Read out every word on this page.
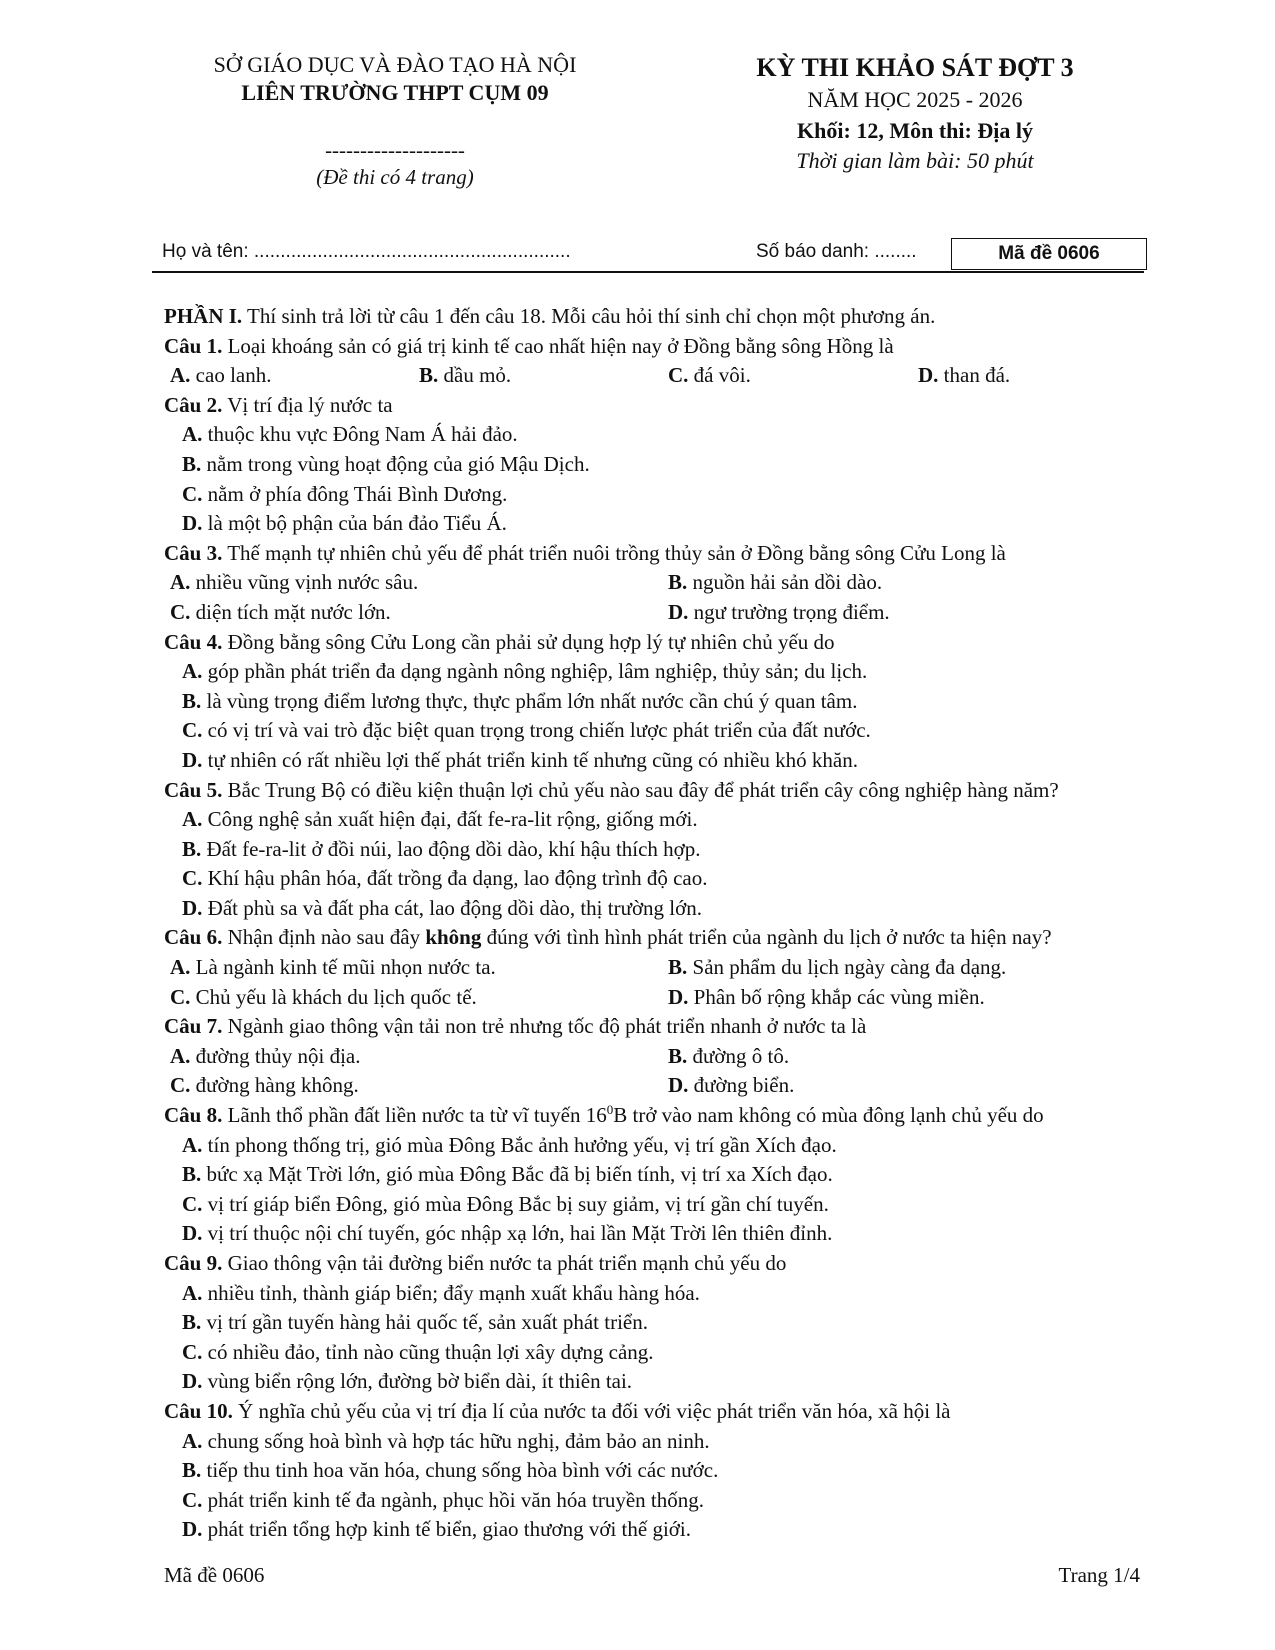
SỞ GIÁO DỤC VÀ ĐÀO TẠO HÀ NỘI
LIÊN TRƯỜNG THPT CỤM 09
--------------------
(Đề thi có 4 trang)
KỲ THI KHẢO SÁT ĐỢT 3
NĂM HỌC 2025 - 2026
Khối: 12, Môn thi: Địa lý
Thời gian làm bài: 50 phút
Họ và tên: ............................................................	Số báo danh: ........	Mã đề 0606
PHẦN I. Thí sinh trả lời từ câu 1 đến câu 18. Mỗi câu hỏi thí sinh chỉ chọn một phương án.
Câu 1. Loại khoáng sản có giá trị kinh tế cao nhất hiện nay ở Đồng bằng sông Hồng là
A. cao lanh.	B. dầu mỏ.	C. đá vôi.	D. than đá.
Câu 2. Vị trí địa lý nước ta
A. thuộc khu vực Đông Nam Á hải đảo.
B. nằm trong vùng hoạt động của gió Mậu Dịch.
C. nằm ở phía đông Thái Bình Dương.
D. là một bộ phận của bán đảo Tiểu Á.
Câu 3. Thế mạnh tự nhiên chủ yếu để phát triển nuôi trồng thủy sản ở Đồng bằng sông Cửu Long là
A. nhiều vũng vịnh nước sâu.	B. nguồn hải sản dồi dào.
C. diện tích mặt nước lớn.	D. ngư trường trọng điểm.
Câu 4. Đồng bằng sông Cửu Long cần phải sử dụng hợp lý tự nhiên chủ yếu do
A. góp phần phát triển đa dạng ngành nông nghiệp, lâm nghiệp, thủy sản; du lịch.
B. là vùng trọng điểm lương thực, thực phẩm lớn nhất nước cần chú ý quan tâm.
C. có vị trí và vai trò đặc biệt quan trọng trong chiến lược phát triển của đất nước.
D. tự nhiên có rất nhiều lợi thế phát triển kinh tế nhưng cũng có nhiều khó khăn.
Câu 5. Bắc Trung Bộ có điều kiện thuận lợi chủ yếu nào sau đây để phát triển cây công nghiệp hàng năm?
A. Công nghệ sản xuất hiện đại, đất fe-ra-lit rộng, giống mới.
B. Đất fe-ra-lit ở đồi núi, lao động dồi dào, khí hậu thích hợp.
C. Khí hậu phân hóa, đất trồng đa dạng, lao động trình độ cao.
D. Đất phù sa và đất pha cát, lao động dồi dào, thị trường lớn.
Câu 6. Nhận định nào sau đây không đúng với tình hình phát triển của ngành du lịch ở nước ta hiện nay?
A. Là ngành kinh tế mũi nhọn nước ta.	B. Sản phẩm du lịch ngày càng đa dạng.
C. Chủ yếu là khách du lịch quốc tế.	D. Phân bố rộng khắp các vùng miền.
Câu 7. Ngành giao thông vận tải non trẻ nhưng tốc độ phát triển nhanh ở nước ta là
A. đường thủy nội địa.	B. đường ô tô.
C. đường hàng không.	D. đường biển.
Câu 8. Lãnh thổ phần đất liền nước ta từ vĩ tuyến $16^0B$ trở vào nam không có mùa đông lạnh chủ yếu do
A. tín phong thống trị, gió mùa Đông Bắc ảnh hưởng yếu, vị trí gần Xích đạo.
B. bức xạ Mặt Trời lớn, gió mùa Đông Bắc đã bị biến tính, vị trí xa Xích đạo.
C. vị trí giáp biển Đông, gió mùa Đông Bắc bị suy giảm, vị trí gần chí tuyến.
D. vị trí thuộc nội chí tuyến, góc nhập xạ lớn, hai lần Mặt Trời lên thiên đỉnh.
Câu 9. Giao thông vận tải đường biển nước ta phát triển mạnh chủ yếu do
A. nhiều tỉnh, thành giáp biển; đẩy mạnh xuất khẩu hàng hóa.
B. vị trí gần tuyến hàng hải quốc tế, sản xuất phát triển.
C. có nhiều đảo, tỉnh nào cũng thuận lợi xây dựng cảng.
D. vùng biển rộng lớn, đường bờ biển dài, ít thiên tai.
Câu 10. Ý nghĩa chủ yếu của vị trí địa lí của nước ta đối với việc phát triển văn hóa, xã hội là
A. chung sống hoà bình và hợp tác hữu nghị, đảm bảo an ninh.
B. tiếp thu tinh hoa văn hóa, chung sống hòa bình với các nước.
C. phát triển kinh tế đa ngành, phục hồi văn hóa truyền thống.
D. phát triển tổng hợp kinh tế biển, giao thương với thế giới.
Mã đề 0606	Trang 1/4
